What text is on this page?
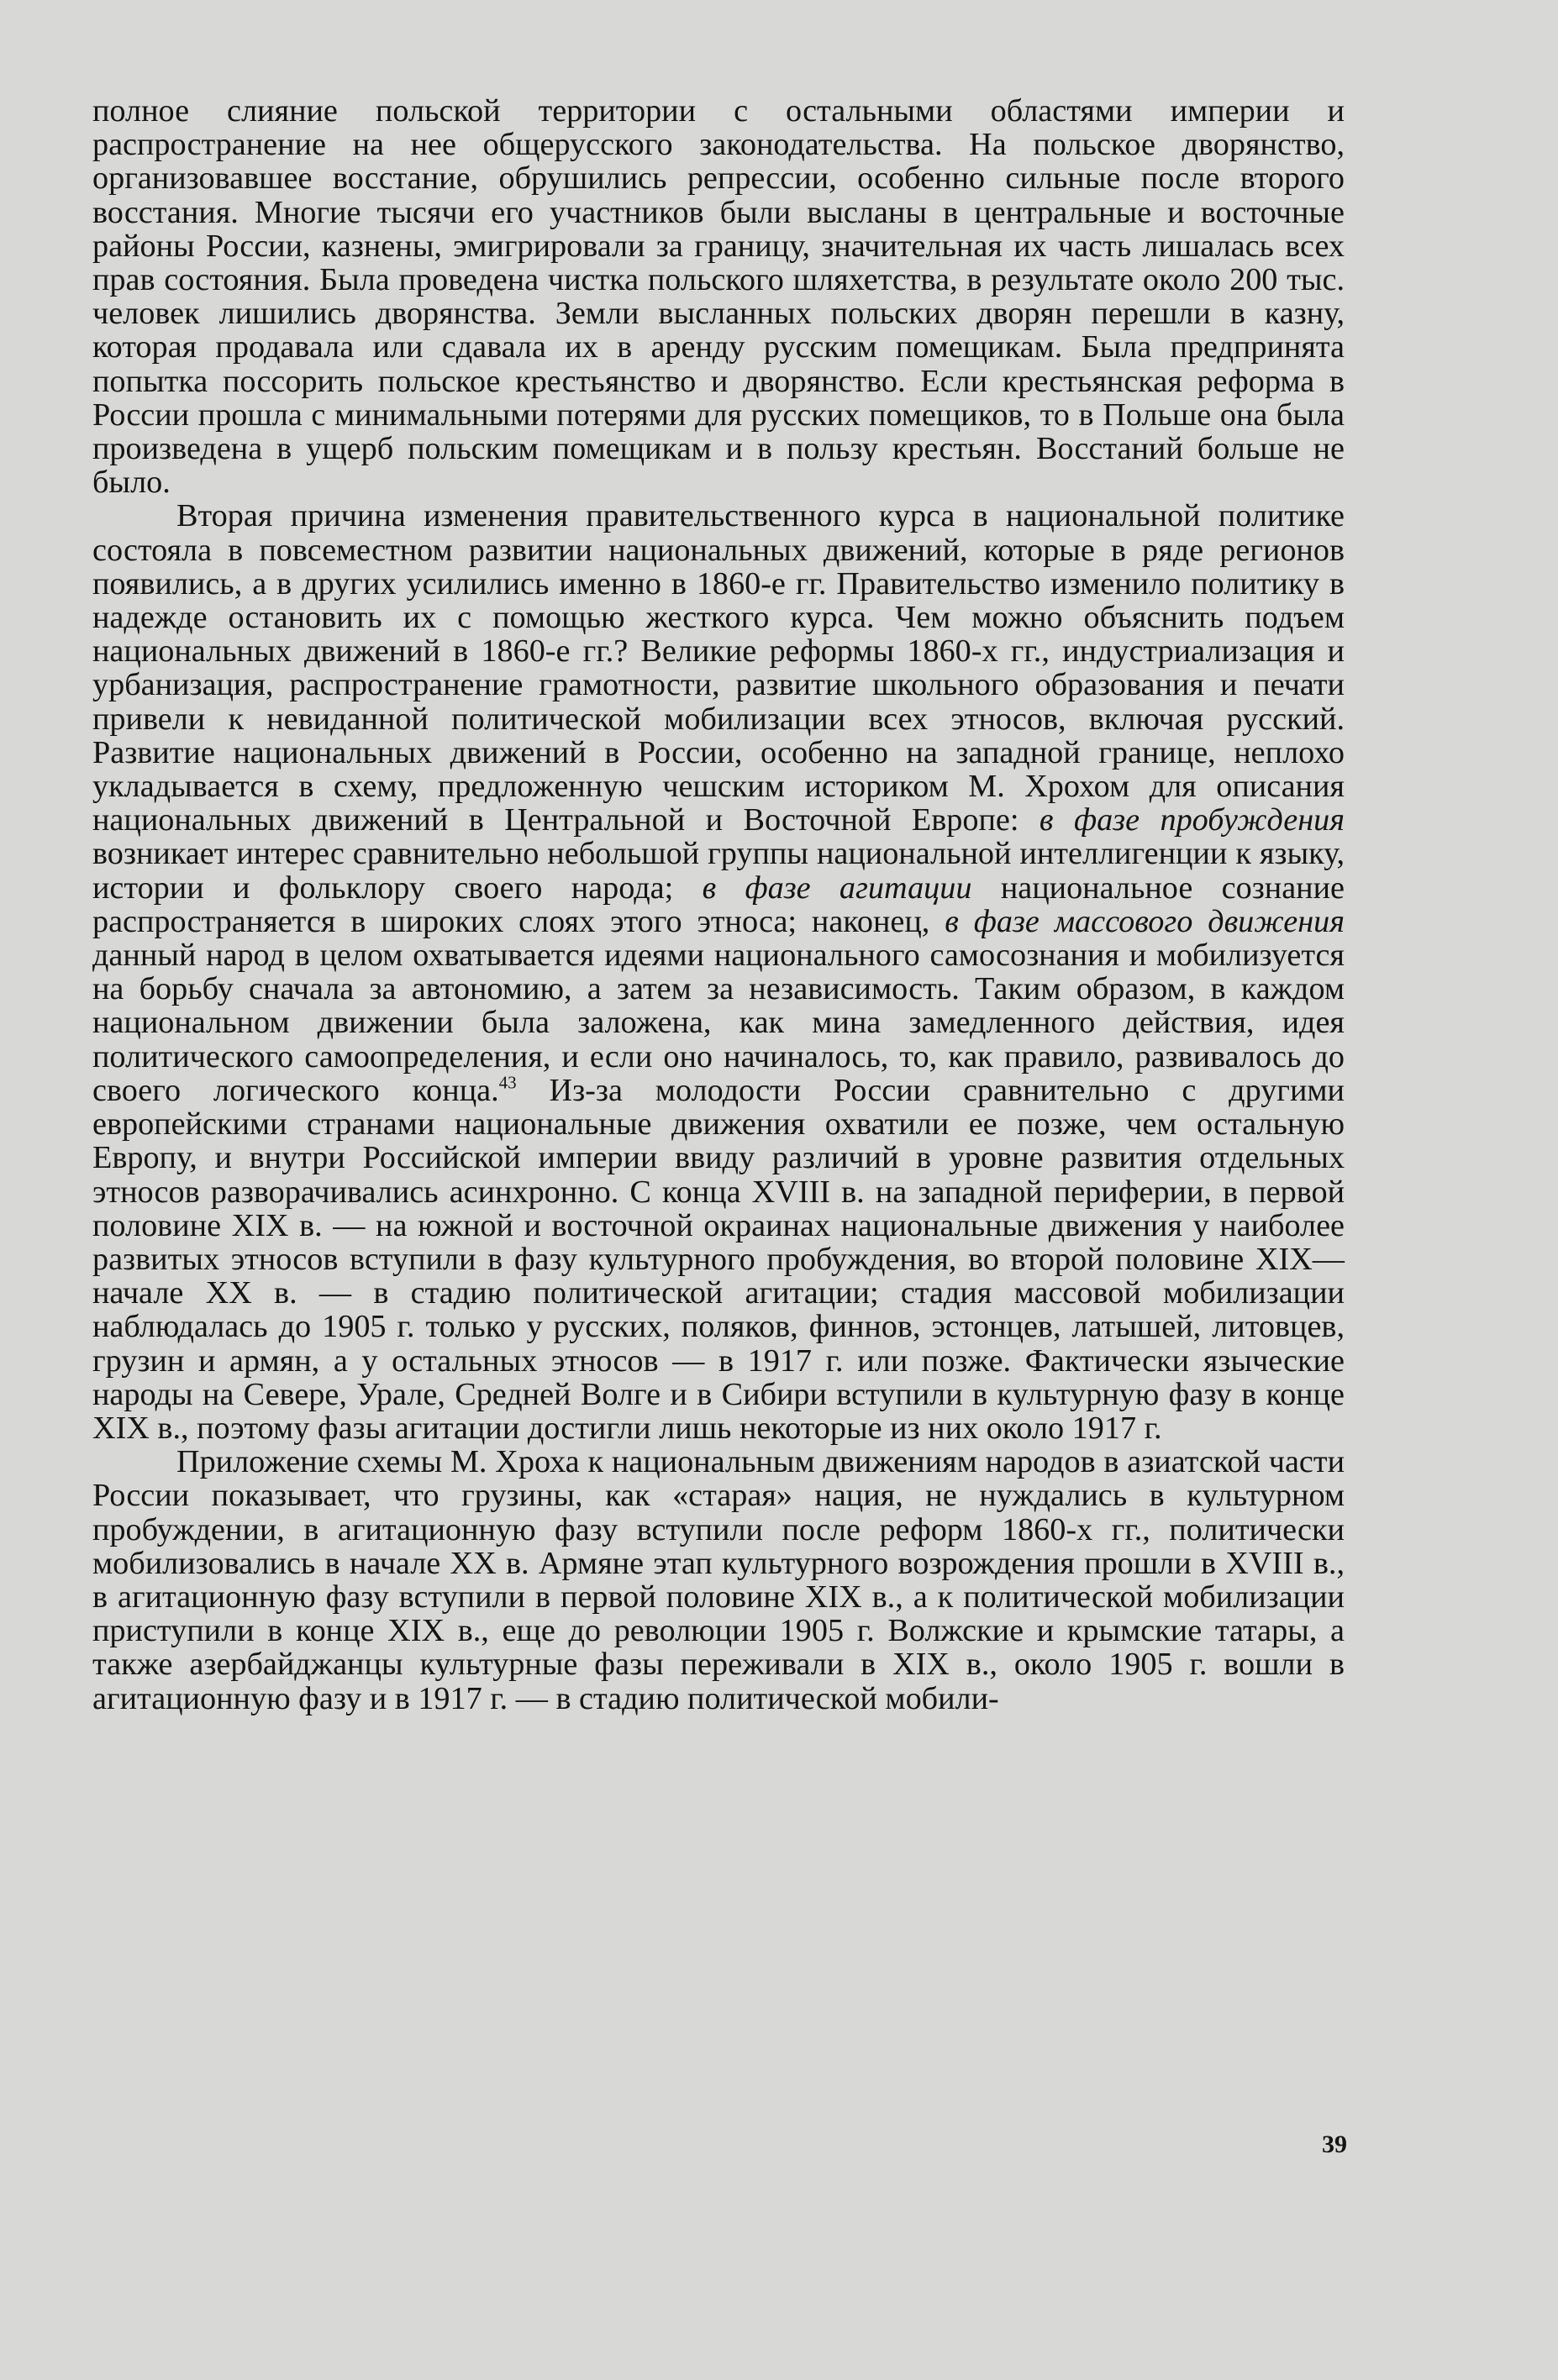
полное слияние польской территории с остальными областями империи и распространение на нее общерусского законодательства. На польское дворянство, организовавшее восстание, обрушились репрессии, особенно сильные после второго восстания. Многие тысячи его участников были высланы в центральные и восточные районы России, казнены, эмигрировали за границу, значительная их часть лишалась всех прав состояния. Была проведена чистка польского шляхетства, в результате около 200 тыс. человек лишились дворянства. Земли высланных польских дворян перешли в казну, которая продавала или сдавала их в аренду русским помещикам. Была предпринята попытка поссорить польское крестьянство и дворянство. Если крестьянская реформа в России прошла с минимальными потерями для русских помещиков, то в Польше она была произведена в ущерб польским помещикам и в пользу крестьян. Восстаний больше не было.

Вторая причина изменения правительственного курса в национальной политике состояла в повсеместном развитии национальных движений, которые в ряде регионов появились, а в других усилились именно в 1860-е гг. Правительство изменило политику в надежде остановить их с помощью жесткого курса. Чем можно объяснить подъем национальных движений в 1860-е гг.? Великие реформы 1860-х гг., индустриализация и урбанизация, распространение грамотности, развитие школьного образования и печати привели к невиданной политической мобилизации всех этносов, включая русский. Развитие национальных движений в России, особенно на западной границе, неплохо укладывается в схему, предложенную чешским историком М. Хрохом для описания национальных движений в Центральной и Восточной Европе: в фазе пробуждения возникает интерес сравнительно небольшой группы национальной интеллигенции к языку, истории и фольклору своего народа; в фазе агитации национальное сознание распространяется в широких слоях этого этноса; наконец, в фазе массового движения данный народ в целом охватывается идеями национального самосознания и мобилизуется на борьбу сначала за автономию, а затем за независимость. Таким образом, в каждом национальном движении была заложена, как мина замедленного действия, идея политического самоопределения, и если оно начиналось, то, как правило, развивалось до своего логического конца.$^{43}$ Из-за молодости России сравнительно с другими европейскими странами национальные движения охватили ее позже, чем остальную Европу, и внутри Российской империи ввиду различий в уровне развития отдельных этносов разворачивались асинхронно. С конца XVIII в. на западной периферии, в первой половине XIX в. — на южной и восточной окраинах национальные движения у наиболее развитых этносов вступили в фазу культурного пробуждения, во второй половине XIX—начале XX в. — в стадию политической агитации; стадия массовой мобилизации наблюдалась до 1905 г. только у русских, поляков, финнов, эстонцев, латышей, литовцев, грузин и армян, а у остальных этносов — в 1917 г. или позже. Фактически языческие народы на Севере, Урале, Средней Волге и в Сибири вступили в культурную фазу в конце XIX в., поэтому фазы агитации достигли лишь некоторые из них около 1917 г.

Приложение схемы М. Хроха к национальным движениям народов в азиатской части России показывает, что грузины, как «старая» нация, не нуждались в культурном пробуждении, в агитационную фазу вступили после реформ 1860-х гг., политически мобилизовались в начале XX в. Армяне этап культурного возрождения прошли в XVIII в., в агитационную фазу вступили в первой половине XIX в., а к политической мобилизации приступили в конце XIX в., еще до революции 1905 г. Волжские и крымские татары, а также азербайджанцы культурные фазы переживали в XIX в., около 1905 г. вошли в агитационную фазу и в 1917 г. — в стадию политической мобили-

39
